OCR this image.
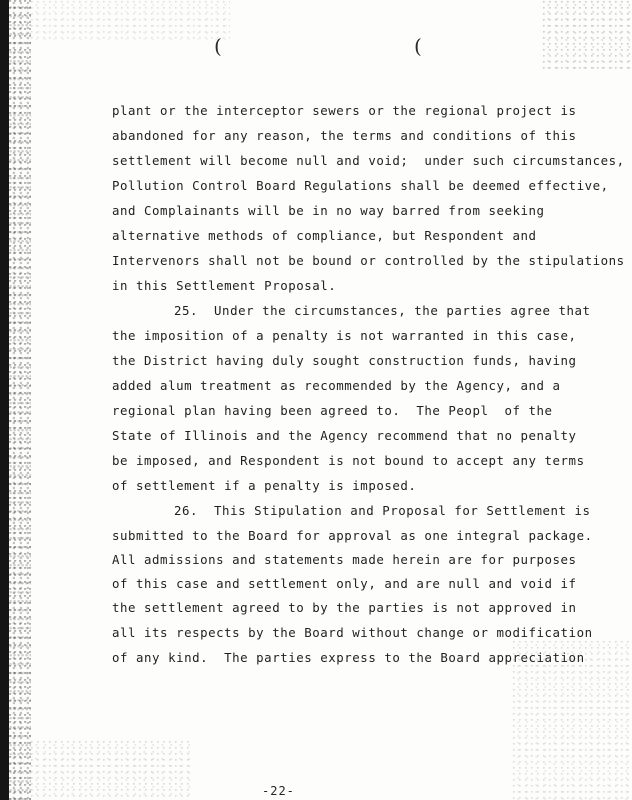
(	(
plant or the interceptor sewers or the regional project is
abandoned for any reason, the terms and conditions of this
settlement will become null and void;  under such circumstances,
Pollution Control Board Regulations shall be deemed effective,
and Complainants will be in no way barred from seeking
alternative methods of compliance, but Respondent and
Intervenors shall not be bound or controlled by the stipulations
in this Settlement Proposal.
25.  Under the circumstances, the parties agree that
the imposition of a penalty is not warranted in this case,
the District having duly sought construction funds, having
added alum treatment as recommended by the Agency, and a
regional plan having been agreed to.  The Peopl  of the
State of Illinois and the Agency recommend that no penalty
be imposed, and Respondent is not bound to accept any terms
of settlement if a penalty is imposed.
26.  This Stipulation and Proposal for Settlement is
submitted to the Board for approval as one integral package.
All admissions and statements made herein are for purposes
of this case and settlement only, and are null and void if
the settlement agreed to by the parties is not approved in
all its respects by the Board without change or modification
of any kind.  The parties express to the Board appreciation
-22-
